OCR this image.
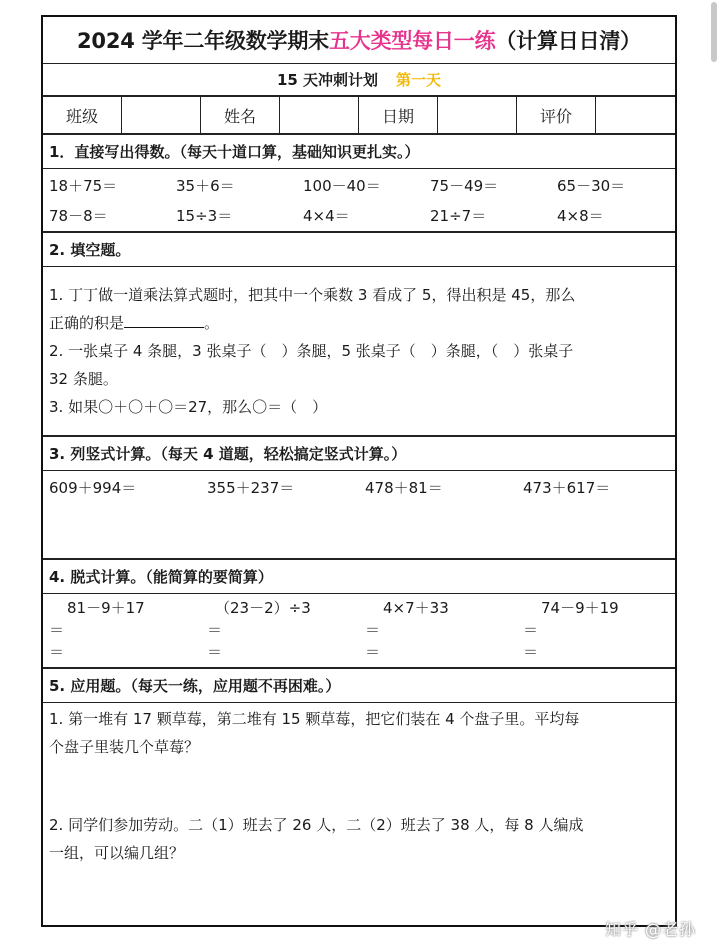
2024 学年二年级数学期末 五大类型每日一练 （计算日日清）
15 天冲刺计划 第一天
班级	姓名	日期	评价
1．直接写出得数。（每天十道口算，基础知识更扎实。）
18＋75＝	35＋6＝	100－40＝	75－49＝	65－30＝
78－8＝	15÷3＝	4×4＝	21÷7＝	4×8＝
2. 填空题。
1. 丁丁做一道乘法算式题时，把其中一个乘数 3 看成了 5，得出积是 45，那么
正确的积是	。
2. 一张桌子 4 条腿，3 张桌子（　）条腿，5 张桌子（　）条腿，（　）张桌子
32 条腿。
3. 如果〇＋〇＋〇＝27，那么〇＝（　）
3. 列竖式计算。（每天 4 道题，轻松搞定竖式计算。）
609＋994＝	355＋237＝	478＋81＝	473＋617＝
4. 脱式计算。（能简算的要简算）
81－9＋17	（23－2）÷3	4×7＋33	74－9＋19
＝	＝	＝	＝
＝	＝	＝	＝
5. 应用题。（每天一练，应用题不再困难。）
1. 第一堆有 17 颗草莓，第二堆有 15 颗草莓，把它们装在 4 个盘子里。平均每
个盘子里装几个草莓？
2. 同学们参加劳动。二（1）班去了 26 人，二（2）班去了 38 人，每 8 人编成
一组，可以编几组？
知乎 @老孙
